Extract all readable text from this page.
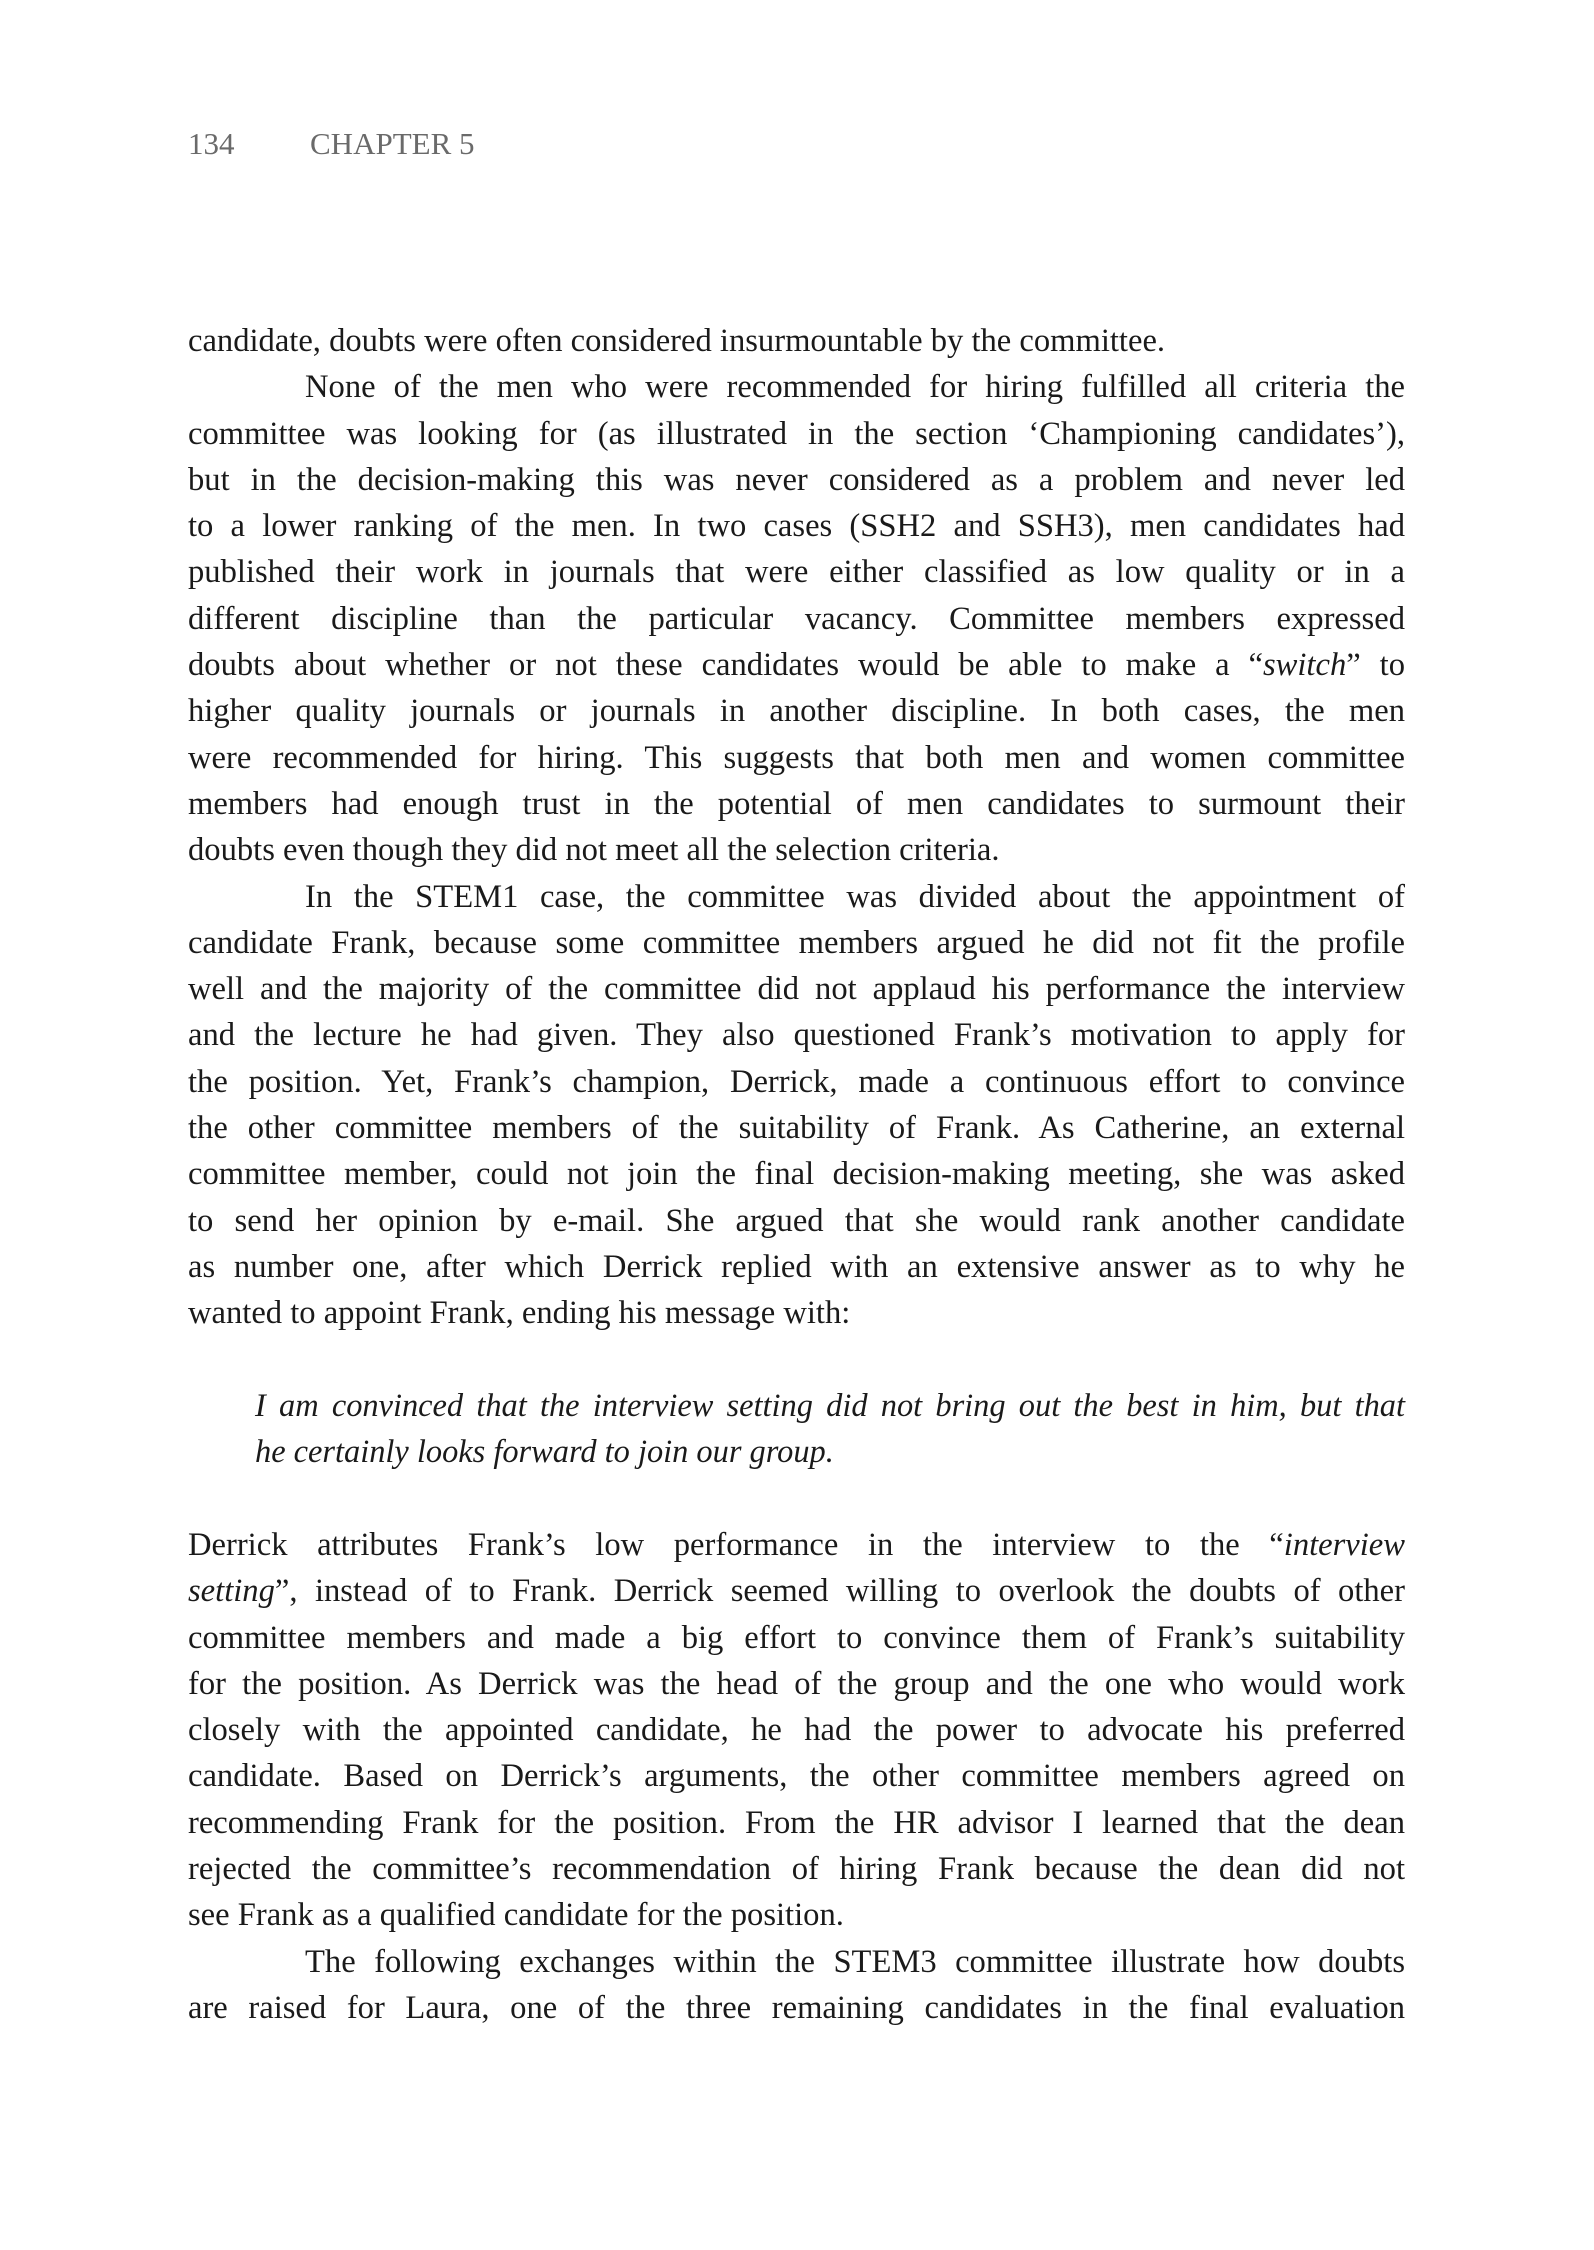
134 CHAPTER 5
candidate, doubts were often considered insurmountable by the committee.
None of the men who were recommended for hiring fulfilled all criteria the
committee was looking for (as illustrated in the section ‘Championing candidates’),
but in the decision-making this was never considered as a problem and never led
to a lower ranking of the men. In two cases (SSH2 and SSH3), men candidates had
published their work in journals that were either classified as low quality or in a
different discipline than the particular vacancy. Committee members expressed
doubts about whether or not these candidates would be able to make a “switch” to
higher quality journals or journals in another discipline. In both cases, the men
were recommended for hiring. This suggests that both men and women committee
members had enough trust in the potential of men candidates to surmount their
doubts even though they did not meet all the selection criteria.
In the STEM1 case, the committee was divided about the appointment of
candidate Frank, because some committee members argued he did not fit the profile
well and the majority of the committee did not applaud his performance the interview
and the lecture he had given. They also questioned Frank’s motivation to apply for
the position. Yet, Frank’s champion, Derrick, made a continuous effort to convince
the other committee members of the suitability of Frank. As Catherine, an external
committee member, could not join the final decision-making meeting, she was asked
to send her opinion by e-mail. She argued that she would rank another candidate
as number one, after which Derrick replied with an extensive answer as to why he
wanted to appoint Frank, ending his message with:
I am convinced that the interview setting did not bring out the best in him, but that
he certainly looks forward to join our group.
Derrick attributes Frank’s low performance in the interview to the “interview
setting”, instead of to Frank. Derrick seemed willing to overlook the doubts of other
committee members and made a big effort to convince them of Frank’s suitability
for the position. As Derrick was the head of the group and the one who would work
closely with the appointed candidate, he had the power to advocate his preferred
candidate. Based on Derrick’s arguments, the other committee members agreed on
recommending Frank for the position. From the HR advisor I learned that the dean
rejected the committee’s recommendation of hiring Frank because the dean did not
see Frank as a qualified candidate for the position.
The following exchanges within the STEM3 committee illustrate how doubts
are raised for Laura, one of the three remaining candidates in the final evaluation
